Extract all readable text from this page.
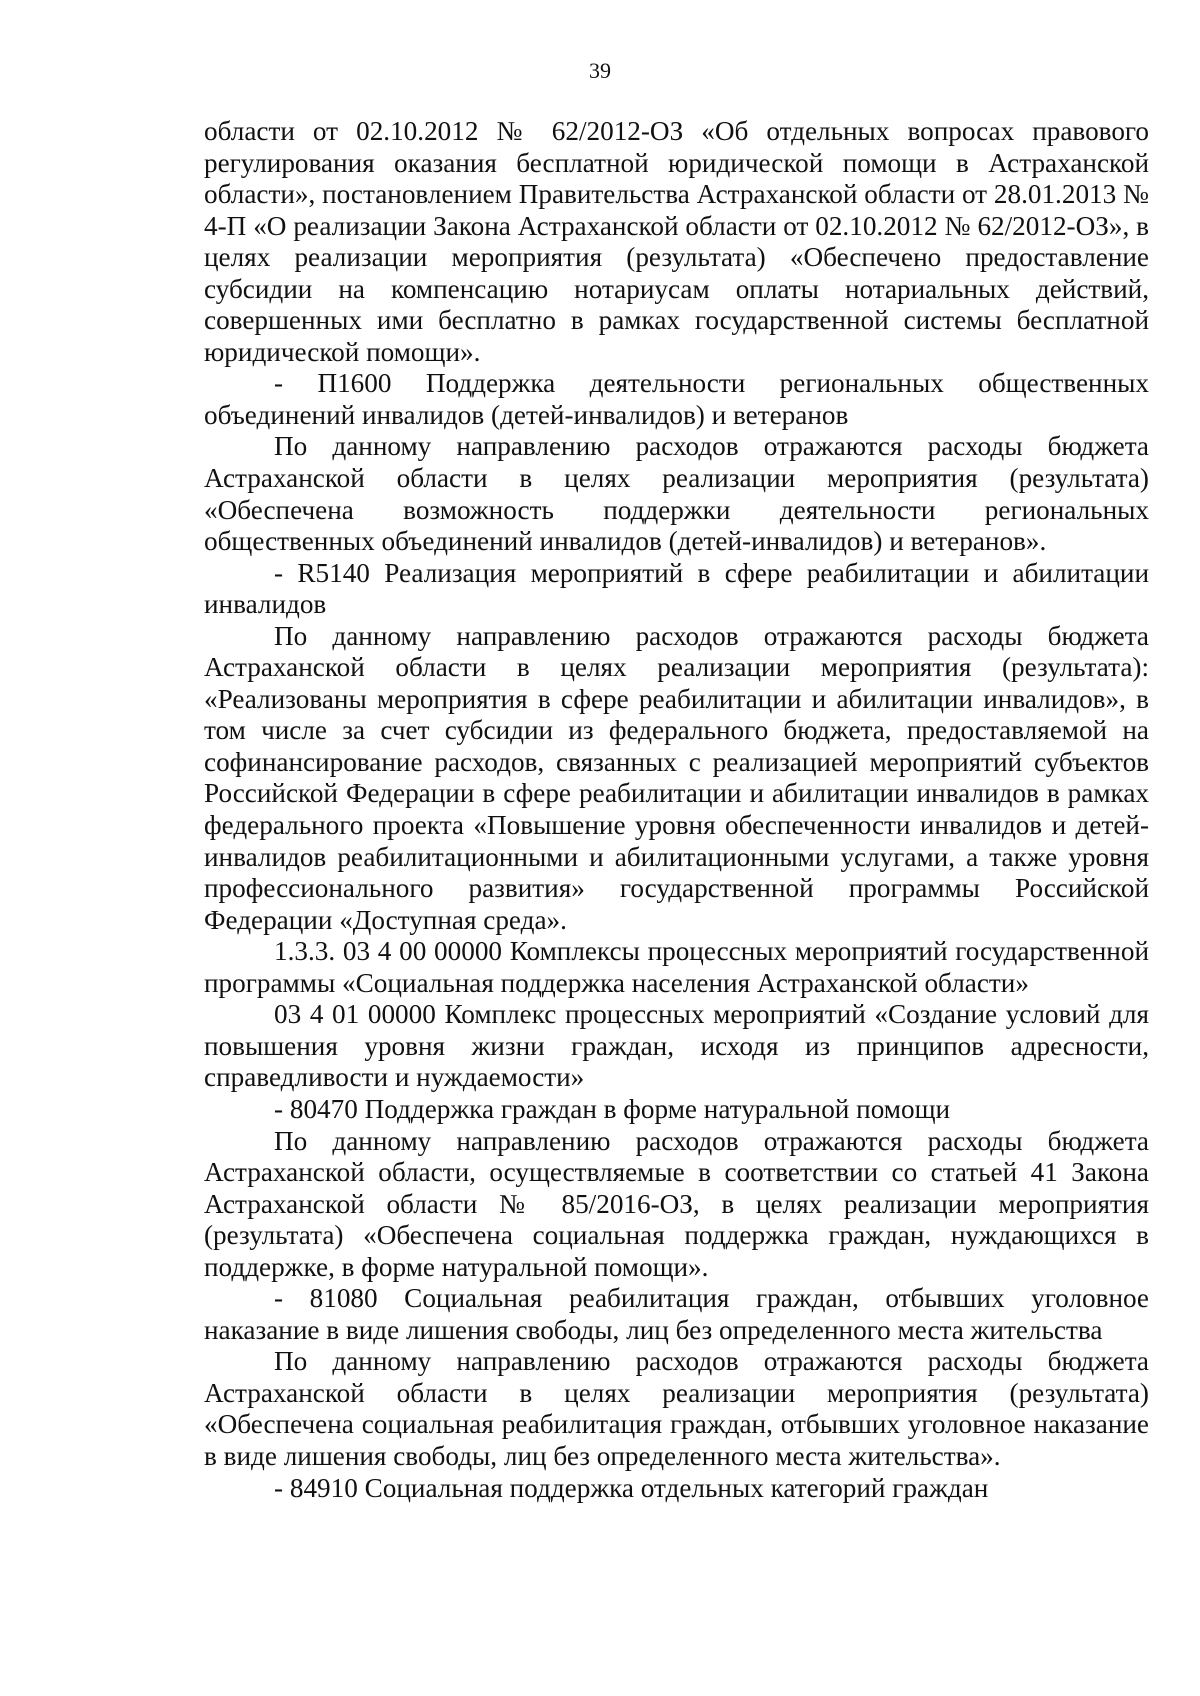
39

области от 02.10.2012 № 62/2012-ОЗ «Об отдельных вопросах правового регулирования оказания бесплатной юридической помощи в Астраханской области», постановлением Правительства Астраханской области от 28.01.2013 № 4-П «О реализации Закона Астраханской области от 02.10.2012 № 62/2012-ОЗ», в целях реализации мероприятия (результата) «Обеспечено предоставление субсидии на компенсацию нотариусам оплаты нотариальных действий, совершенных ими бесплатно в рамках государственной системы бесплатной юридической помощи».

- П1600 Поддержка деятельности региональных общественных объединений инвалидов (детей-инвалидов) и ветеранов

По данному направлению расходов отражаются расходы бюджета Астраханской области в целях реализации мероприятия (результата) «Обеспечена возможность поддержки деятельности региональных общественных объединений инвалидов (детей-инвалидов) и ветеранов».

- R5140 Реализация мероприятий в сфере реабилитации и абилитации инвалидов

По данному направлению расходов отражаются расходы бюджета Астраханской области в целях реализации мероприятия (результата): «Реализованы мероприятия в сфере реабилитации и абилитации инвалидов», в том числе за счет субсидии из федерального бюджета, предоставляемой на софинансирование расходов, связанных с реализацией мероприятий субъектов Российской Федерации в сфере реабилитации и абилитации инвалидов в рамках федерального проекта «Повышение уровня обеспеченности инвалидов и детей-инвалидов реабилитационными и абилитационными услугами, а также уровня профессионального развития» государственной программы Российской Федерации «Доступная среда».

1.3.3. 03 4 00 00000 Комплексы процессных мероприятий государственной программы «Социальная поддержка населения Астраханской области»

03 4 01 00000 Комплекс процессных мероприятий «Создание условий для повышения уровня жизни граждан, исходя из принципов адресности, справедливости и нуждаемости»

- 80470 Поддержка граждан в форме натуральной помощи

По данному направлению расходов отражаются расходы бюджета Астраханской области, осуществляемые в соответствии со статьей 41 Закона Астраханской области № 85/2016-ОЗ, в целях реализации мероприятия (результата) «Обеспечена социальная поддержка граждан, нуждающихся в поддержке, в форме натуральной помощи».

- 81080 Социальная реабилитация граждан, отбывших уголовное наказание в виде лишения свободы, лиц без определенного места жительства

По данному направлению расходов отражаются расходы бюджета Астраханской области в целях реализации мероприятия (результата) «Обеспечена социальная реабилитация граждан, отбывших уголовное наказание в виде лишения свободы, лиц без определенного места жительства».

- 84910 Социальная поддержка отдельных категорий граждан
